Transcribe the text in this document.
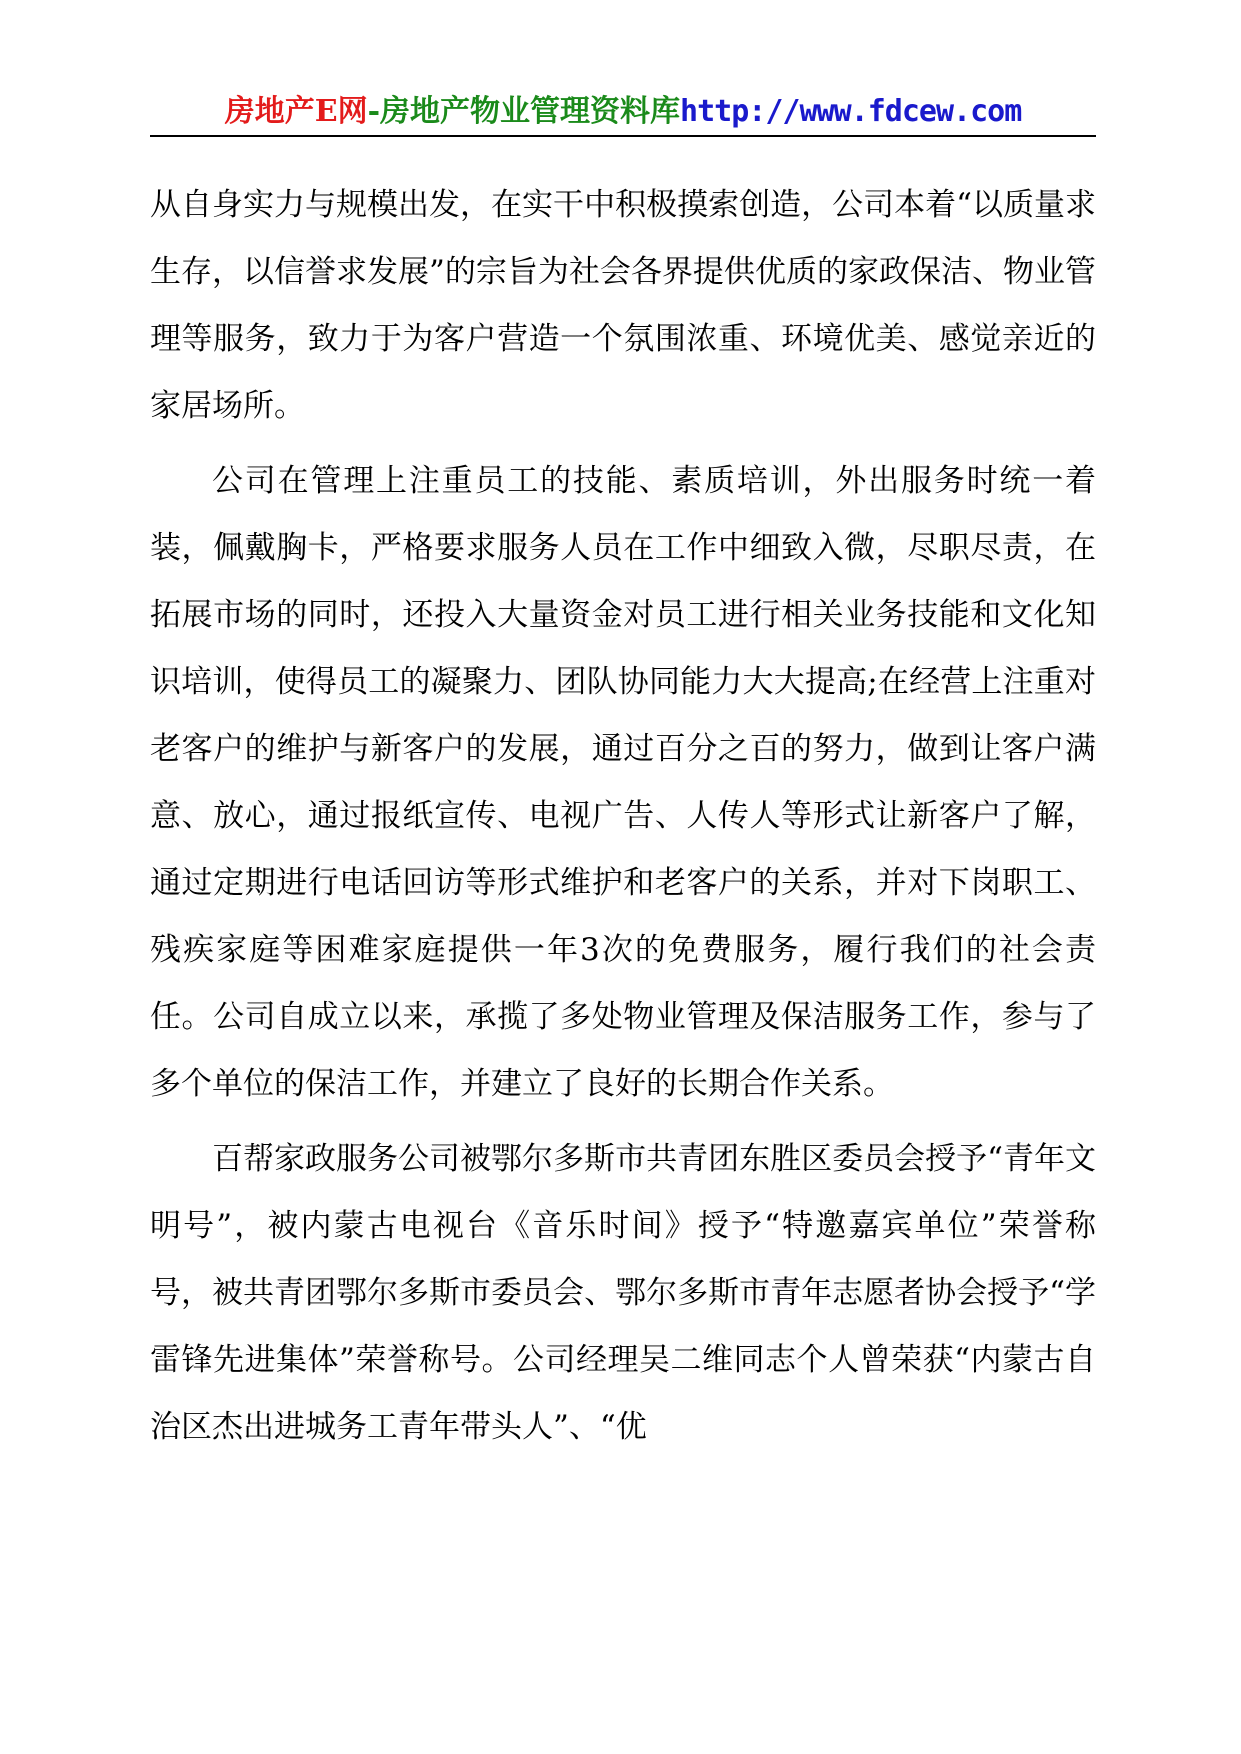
房地产E网-房地产物业管理资料库http://www.fdcew.com

从自身实力与规模出发，在实干中积极摸索创造，公司本着“以质量求生存，以信誉求发展”的宗旨为社会各界提供优质的家政保洁、物业管理等服务，致力于为客户营造一个氛围浓重、环境优美、感觉亲近的家居场所。

公司在管理上注重员工的技能、素质培训，外出服务时统一着装，佩戴胸卡，严格要求服务人员在工作中细致入微，尽职尽责，在拓展市场的同时，还投入大量资金对员工进行相关业务技能和文化知识培训，使得员工的凝聚力、团队协同能力大大提高;在经营上注重对老客户的维护与新客户的发展，通过百分之百的努力，做到让客户满意、放心，通过报纸宣传、电视广告、人传人等形式让新客户了解，通过定期进行电话回访等形式维护和老客户的关系，并对下岗职工、残疾家庭等困难家庭提供一年3次的免费服务，履行我们的社会责任。公司自成立以来，承揽了多处物业管理及保洁服务工作，参与了多个单位的保洁工作，并建立了良好的长期合作关系。

百帮家政服务公司被鄂尔多斯市共青团东胜区委员会授予“青年文明号”，被内蒙古电视台《音乐时间》授予“特邀嘉宾单位”荣誉称号，被共青团鄂尔多斯市委员会、鄂尔多斯市青年志愿者协会授予“学雷锋先进集体”荣誉称号。公司经理吴二维同志个人曾荣获“内蒙古自治区杰出进城务工青年带头人”、“优
